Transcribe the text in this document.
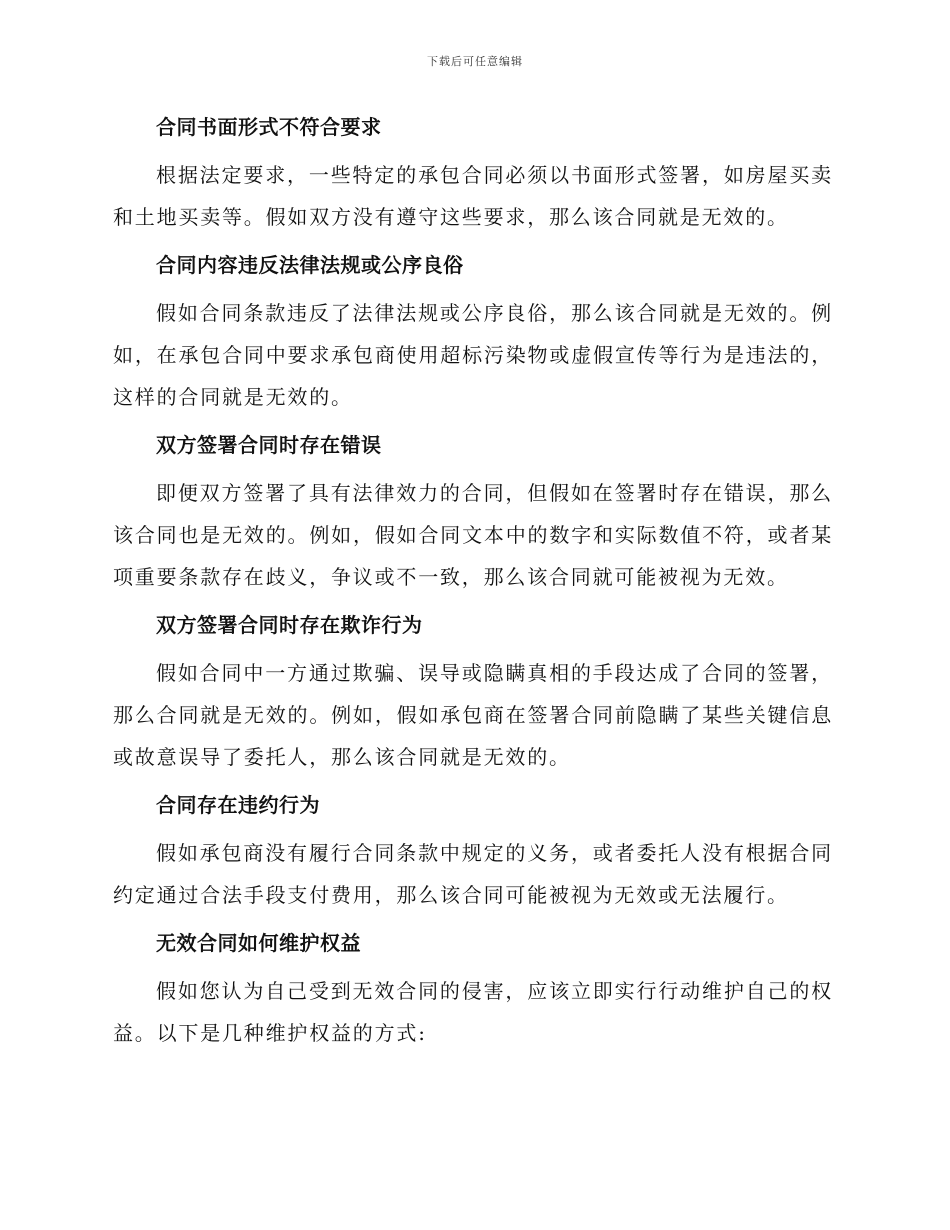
下载后可任意编辑
合同书面形式不符合要求

根据法定要求，一些特定的承包合同必须以书面形式签署，如房屋买卖和土地买卖等。假如双方没有遵守这些要求，那么该合同就是无效的。

合同内容违反法律法规或公序良俗

假如合同条款违反了法律法规或公序良俗，那么该合同就是无效的。例如，在承包合同中要求承包商使用超标污染物或虚假宣传等行为是违法的，这样的合同就是无效的。

双方签署合同时存在错误

即便双方签署了具有法律效力的合同，但假如在签署时存在错误，那么该合同也是无效的。例如，假如合同文本中的数字和实际数值不符，或者某项重要条款存在歧义，争议或不一致，那么该合同就可能被视为无效。

双方签署合同时存在欺诈行为

假如合同中一方通过欺骗、误导或隐瞒真相的手段达成了合同的签署，那么合同就是无效的。例如，假如承包商在签署合同前隐瞒了某些关键信息或故意误导了委托人，那么该合同就是无效的。

合同存在违约行为

假如承包商没有履行合同条款中规定的义务，或者委托人没有根据合同约定通过合法手段支付费用，那么该合同可能被视为无效或无法履行。

无效合同如何维护权益

假如您认为自己受到无效合同的侵害，应该立即实行行动维护自己的权益。以下是几种维护权益的方式:
